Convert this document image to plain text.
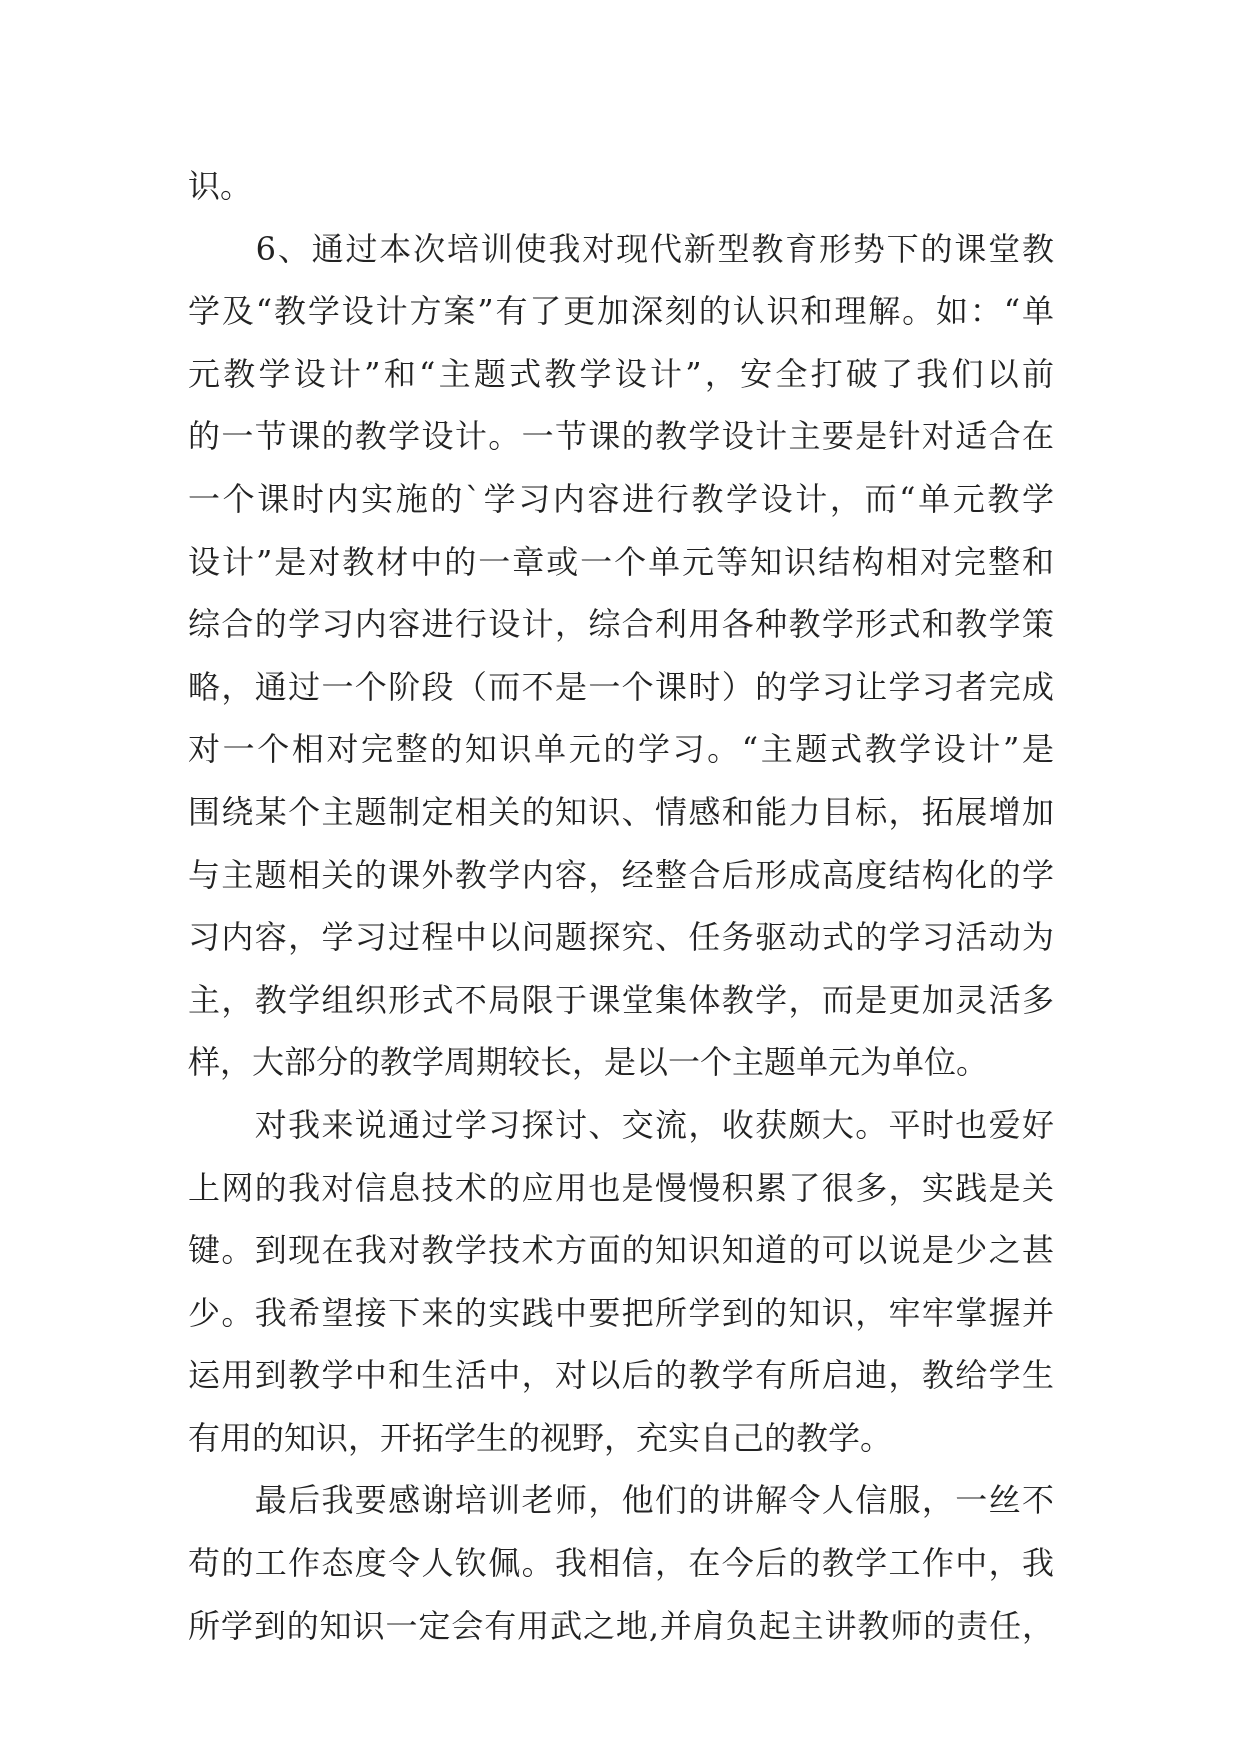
识。
　　6、通过本次培训使我对现代新型教育形势下的课堂教
学及“教学设计方案”有了更加深刻的认识和理解。如：“单
元教学设计”和“主题式教学设计”，安全打破了我们以前
的一节课的教学设计。一节课的教学设计主要是针对适合在
一个课时内实施的`学习内容进行教学设计，而“单元教学
设计”是对教材中的一章或一个单元等知识结构相对完整和
综合的学习内容进行设计，综合利用各种教学形式和教学策
略，通过一个阶段（而不是一个课时）的学习让学习者完成
对一个相对完整的知识单元的学习。“主题式教学设计”是
围绕某个主题制定相关的知识、情感和能力目标，拓展增加
与主题相关的课外教学内容，经整合后形成高度结构化的学
习内容，学习过程中以问题探究、任务驱动式的学习活动为
主，教学组织形式不局限于课堂集体教学，而是更加灵活多
样，大部分的教学周期较长，是以一个主题单元为单位。
　　对我来说通过学习探讨、交流，收获颇大。平时也爱好
上网的我对信息技术的应用也是慢慢积累了很多，实践是关
键。到现在我对教学技术方面的知识知道的可以说是少之甚
少。我希望接下来的实践中要把所学到的知识，牢牢掌握并
运用到教学中和生活中，对以后的教学有所启迪，教给学生
有用的知识，开拓学生的视野，充实自己的教学。
　　最后我要感谢培训老师，他们的讲解令人信服，一丝不
苟的工作态度令人钦佩。我相信，在今后的教学工作中，我
所学到的知识一定会有用武之地,并肩负起主讲教师的责任，
